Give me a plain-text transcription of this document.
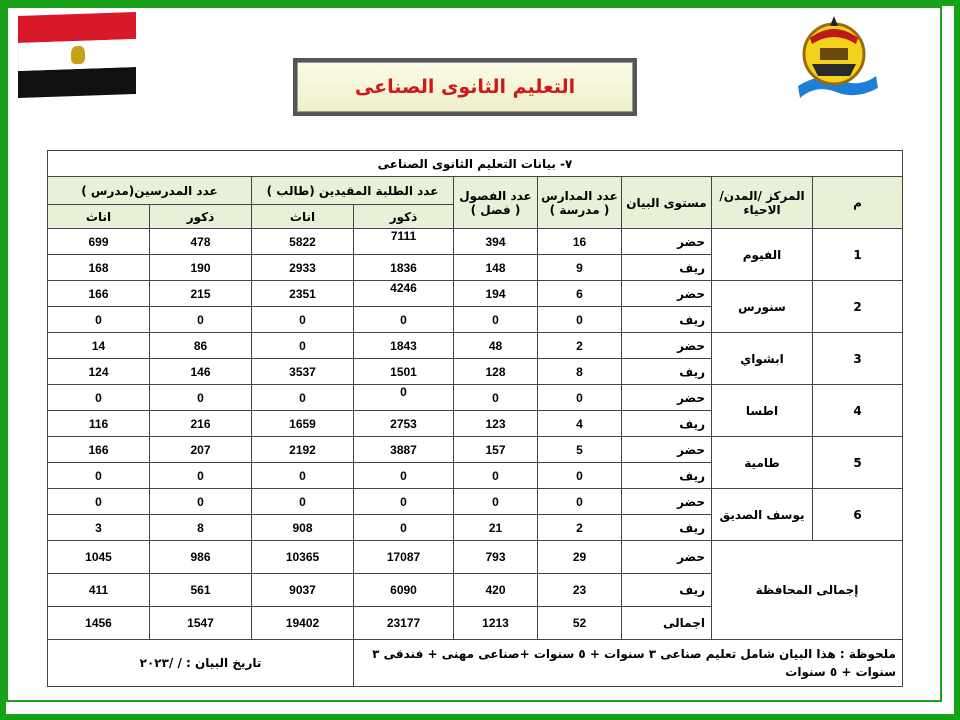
التعليم الثانوى الصناعى
٧- بيانات التعليم الثانوى الصناعى								
م	المركز /المدن/الاحياء	مستوى البيان	عدد المدارس ( مدرسة )	عدد الفصول ( فصل )	عدد الطلبة المقيدين (طالب )		عدد المدرسين(مدرس )	
					ذكور	اناث	ذكور	اناث
1	الفيوم	حضر	16	394	7111	5822	478	699
		ريف	9	148	1836	2933	190	168
2	سنورس	حضر	6	194	4246	2351	215	166
		ريف	0	0	0	0	0	0
3	ابشواي	حضر	2	48	1843	0	86	14
		ريف	8	128	1501	3537	146	124
4	اطسا	حضر	0	0	0	0	0	0
		ريف	4	123	2753	1659	216	116
5	طامية	حضر	5	157	3887	2192	207	166
		ريف	0	0	0	0	0	0
6	يوسف الصديق	حضر	0	0	0	0	0	0
		ريف	2	21	0	908	8	3
إجمالى المحافظة		حضر	29	793	17087	10365	986	1045
		ريف	23	420	6090	9037	561	411
		اجمالى	52	1213	23177	19402	1547	1456
ملحوظة : هذا البيان شامل تعليم صناعى ٣ سنوات + ٥ سنوات +صناعى مهنى + فندقى ٣ سنوات + ٥ سنوات						تاريخ البيان : / /٢٠٢٣		
